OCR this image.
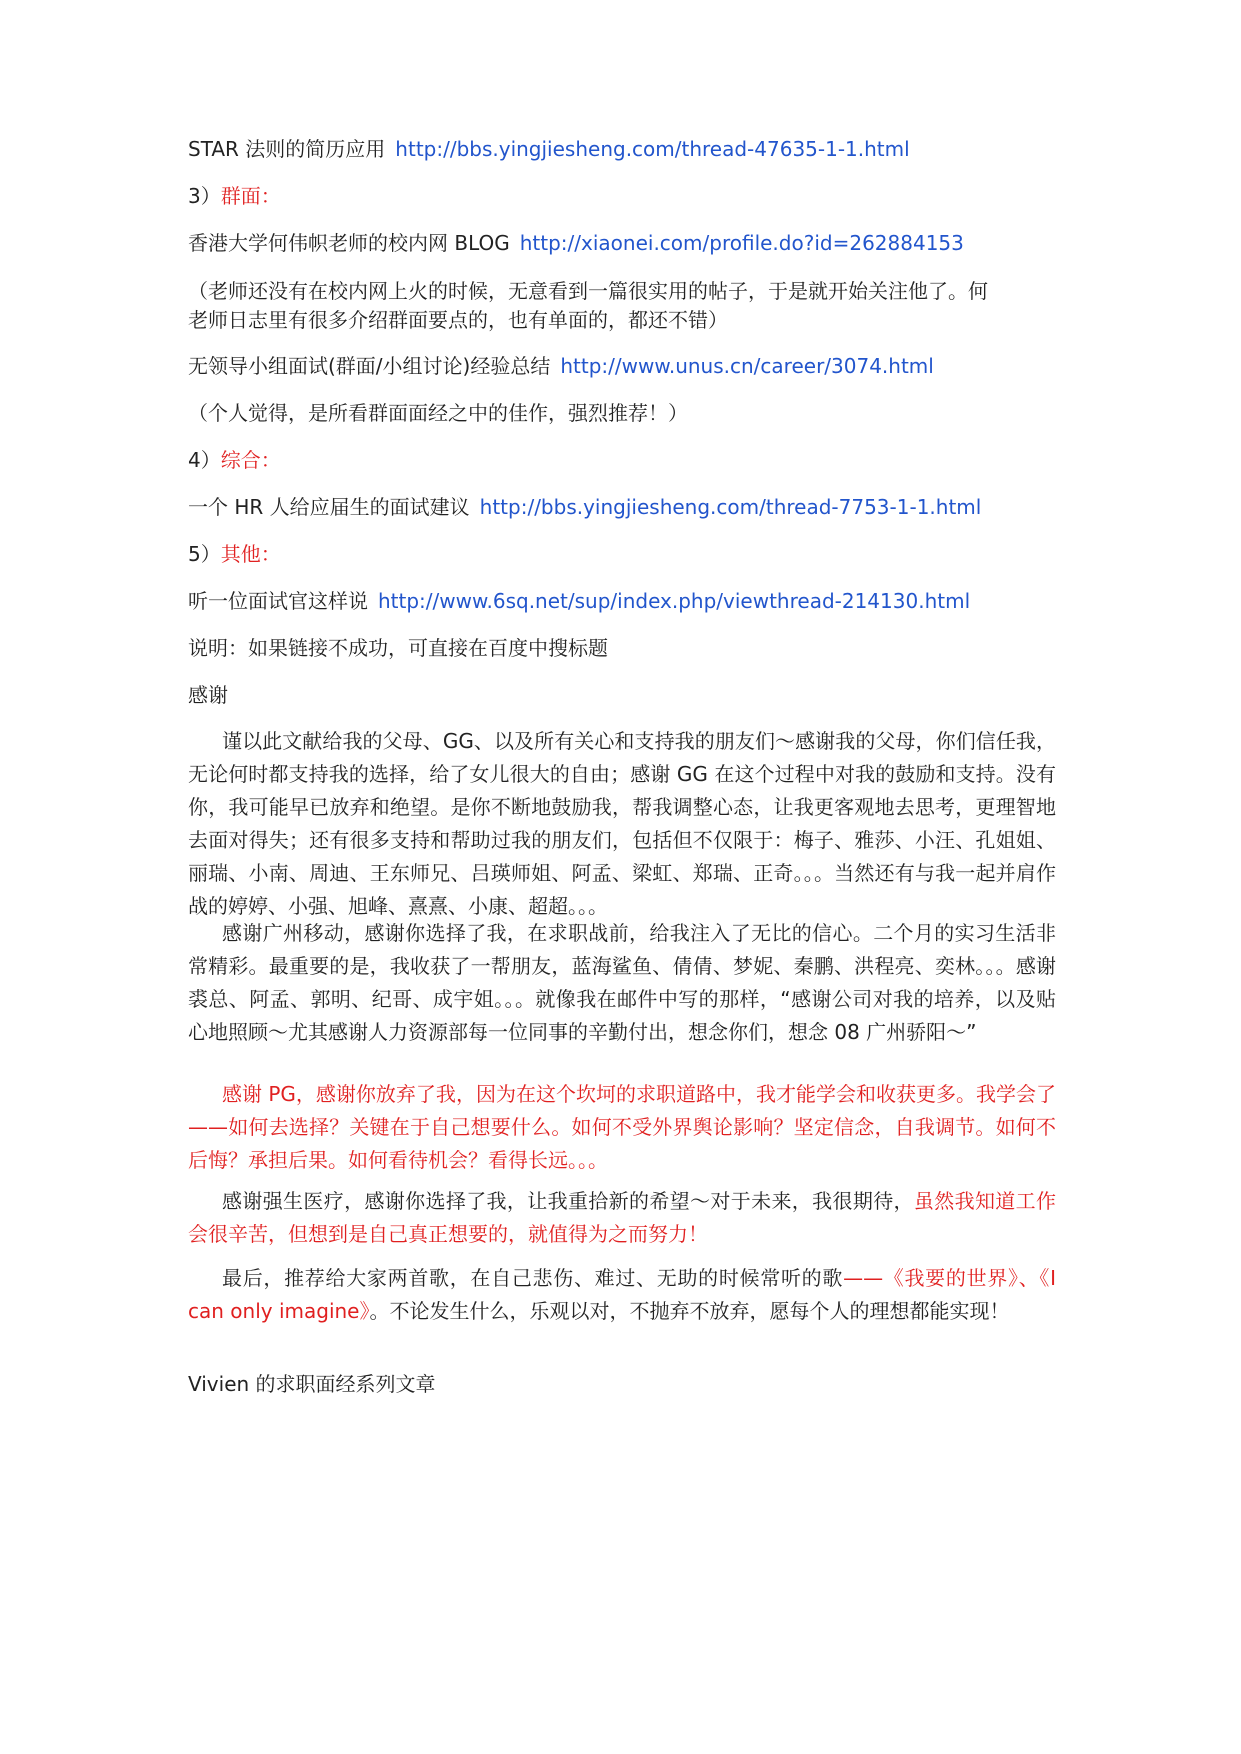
STAR 法则的简历应用 http://bbs.yingjiesheng.com/thread-47635-1-1.html
3）群面：
香港大学何伟帜老师的校内网 BLOG http://xiaonei.com/profile.do?id=262884153
（老师还没有在校内网上火的时候，无意看到一篇很实用的帖子，于是就开始关注他了。何
老师日志里有很多介绍群面要点的，也有单面的，都还不错）
无领导小组面试(群面/小组讨论)经验总结 http://www.unus.cn/career/3074.html
（个人觉得，是所看群面面经之中的佳作，强烈推荐！）
4）综合：
一个 HR 人给应届生的面试建议 http://bbs.yingjiesheng.com/thread-7753-1-1.html
5）其他：
听一位面试官这样说 http://www.6sq.net/sup/index.php/viewthread-214130.html
说明：如果链接不成功，可直接在百度中搜标题
感谢
谨以此文献给我的父母、GG、以及所有关心和支持我的朋友们～感谢我的父母，你们信任我，无论何时都支持我的选择，给了女儿很大的自由；感谢 GG 在这个过程中对我的鼓励和支持。没有你，我可能早已放弃和绝望。是你不断地鼓励我，帮我调整心态，让我更客观地去思考，更理智地去面对得失；还有很多支持和帮助过我的朋友们，包括但不仅限于：梅子、雅莎、小汪、孔姐姐、丽瑞、小南、周迪、王东师兄、吕瑛师姐、阿孟、梁虹、郑瑞、正奇。。。当然还有与我一起并肩作战的婷婷、小强、旭峰、熹熹、小康、超超。。。
感谢广州移动，感谢你选择了我，在求职战前，给我注入了无比的信心。二个月的实习生活非常精彩。最重要的是，我收获了一帮朋友，蓝海鲨鱼、倩倩、梦妮、秦鹏、洪程亮、奕林。。。感谢裘总、阿孟、郭明、纪哥、成宇姐。。。就像我在邮件中写的那样，“感谢公司对我的培养，以及贴心地照顾～尤其感谢人力资源部每一位同事的辛勤付出，想念你们，想念 08 广州骄阳～”
感谢 PG，感谢你放弃了我，因为在这个坎坷的求职道路中，我才能学会和收获更多。我学会了——如何去选择？关键在于自己想要什么。如何不受外界舆论影响？坚定信念，自我调节。如何不后悔？承担后果。如何看待机会？看得长远。。。
感谢强生医疗，感谢你选择了我，让我重拾新的希望～对于未来，我很期待，虽然我知道工作会很辛苦，但想到是自己真正想要的，就值得为之而努力！
最后，推荐给大家两首歌，在自己悲伤、难过、无助的时候常听的歌——《我要的世界》、《I can only imagine》。不论发生什么，乐观以对，不抛弃不放弃，愿每个人的理想都能实现！
Vivien 的求职面经系列文章
